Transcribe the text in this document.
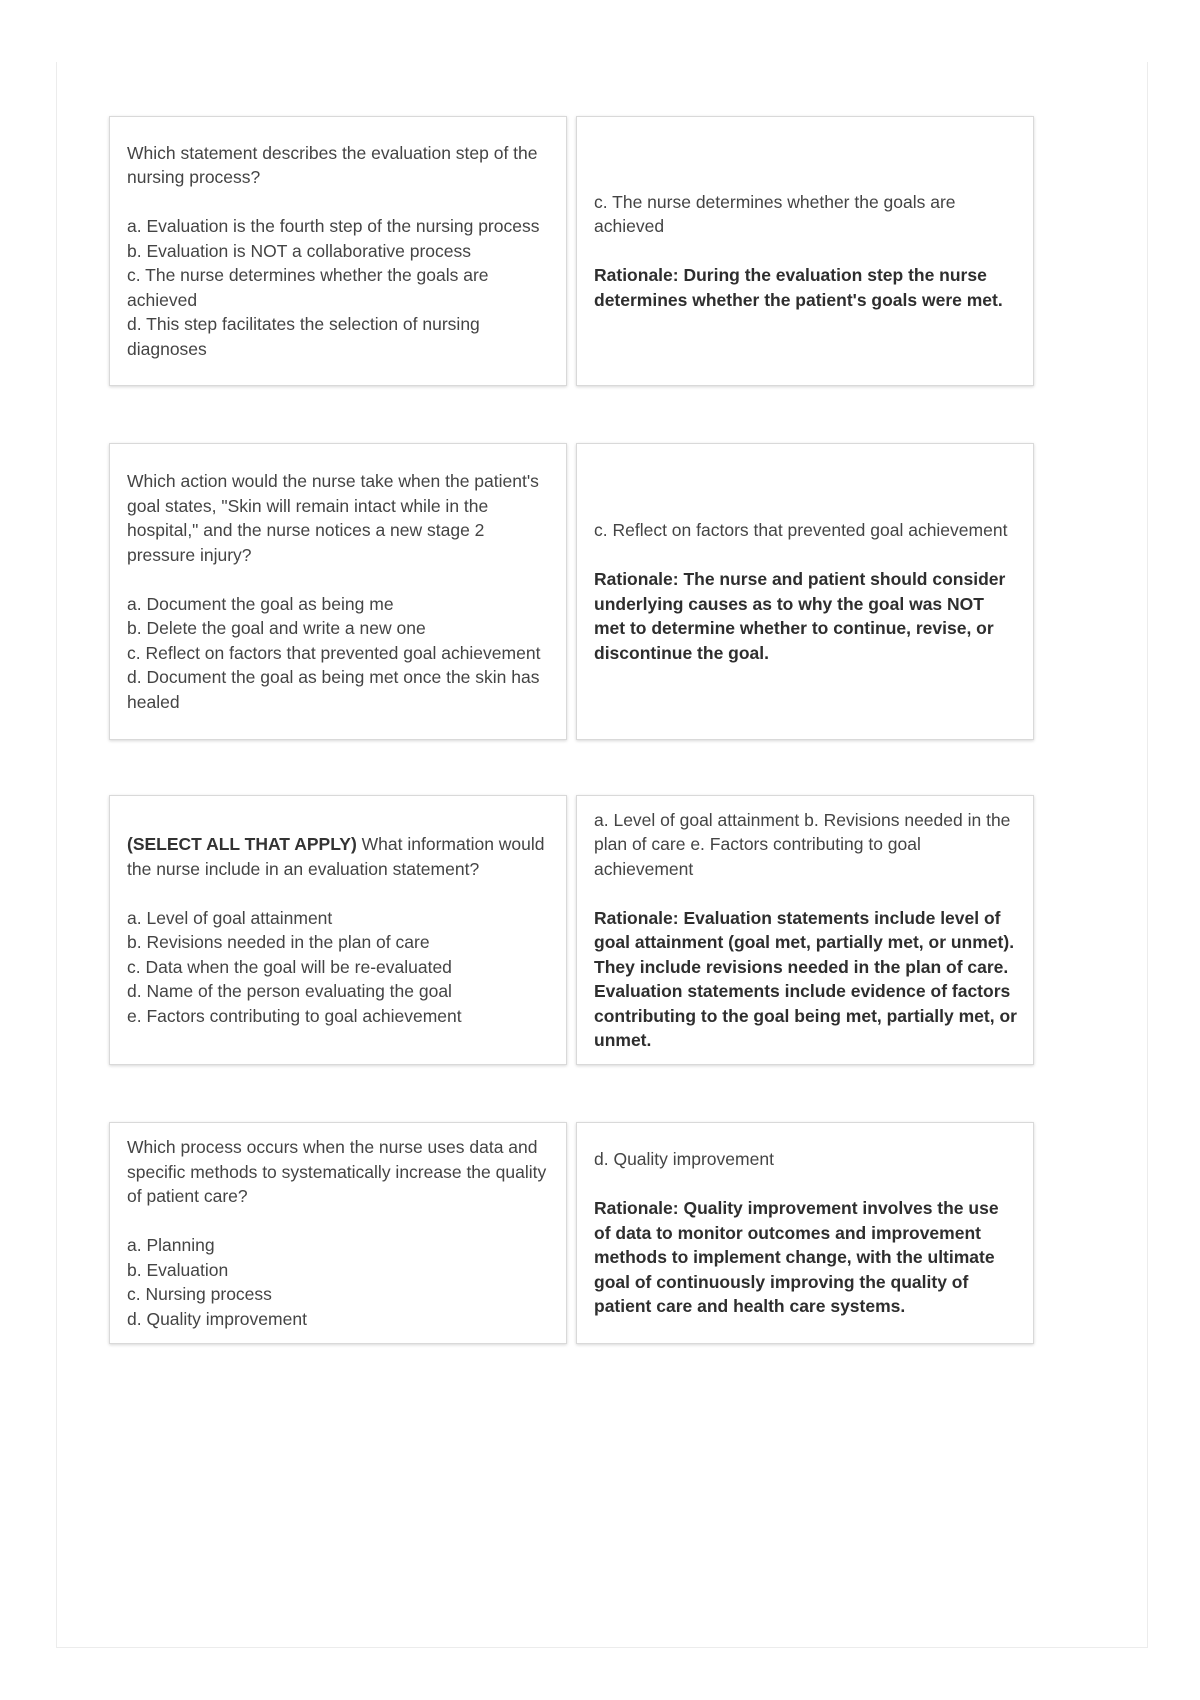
Which statement describes the evaluation step of the nursing process?

a. Evaluation is the fourth step of the nursing process
b. Evaluation is NOT a collaborative process
c. The nurse determines whether the goals are achieved
d. This step facilitates the selection of nursing diagnoses
c. The nurse determines whether the goals are achieved

Rationale: During the evaluation step the nurse determines whether the patient's goals were met.

Which action would the nurse take when the patient's goal states, "Skin will remain intact while in the hospital," and the nurse notices a new stage 2 pressure injury?

a. Document the goal as being me
b. Delete the goal and write a new one
c. Reflect on factors that prevented goal achievement
d. Document the goal as being met once the skin has healed
c. Reflect on factors that prevented goal achievement

Rationale: The nurse and patient should consider underlying causes as to why the goal was NOT met to determine whether to continue, revise, or discontinue the goal.

(SELECT ALL THAT APPLY) What information would the nurse include in an evaluation statement?

a. Level of goal attainment
b. Revisions needed in the plan of care
c. Data when the goal will be re-evaluated
d. Name of the person evaluating the goal
e. Factors contributing to goal achievement
a. Level of goal attainment b. Revisions needed in the plan of care e. Factors contributing to goal achievement

Rationale: Evaluation statements include level of goal attainment (goal met, partially met, or unmet). They include revisions needed in the plan of care. Evaluation statements include evidence of factors contributing to the goal being met, partially met, or unmet.

Which process occurs when the nurse uses data and specific methods to systematically increase the quality of patient care?

a. Planning
b. Evaluation
c. Nursing process
d. Quality improvement
d. Quality improvement

Rationale: Quality improvement involves the use of data to monitor outcomes and improvement methods to implement change, with the ultimate goal of continuously improving the quality of patient care and health care systems.
